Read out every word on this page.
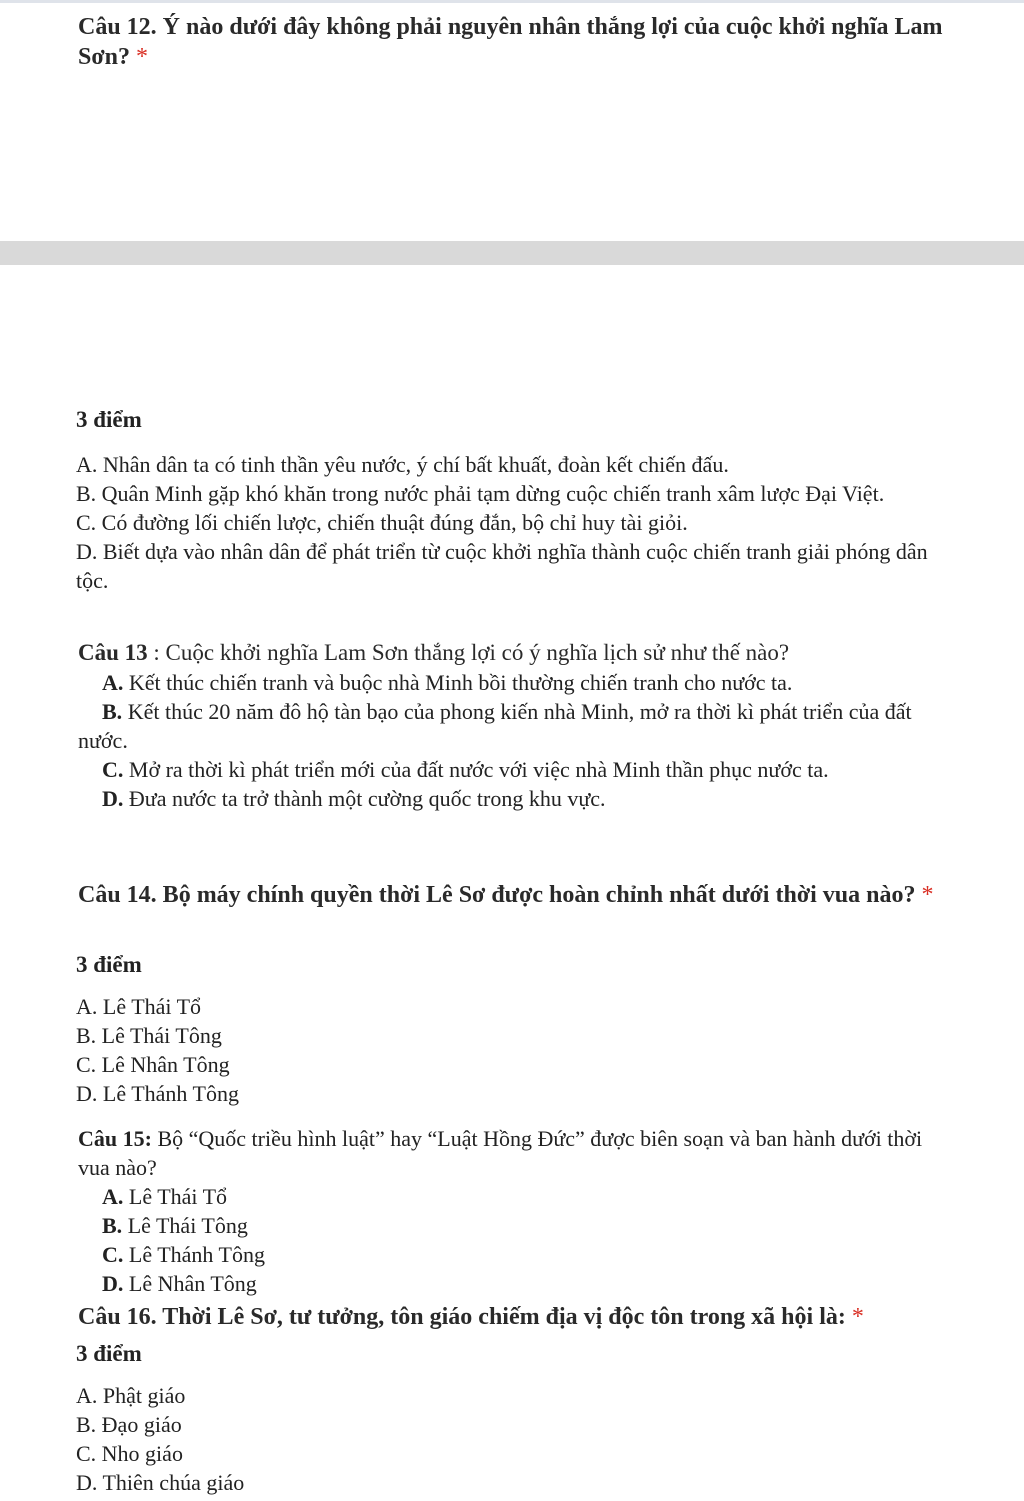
Câu 12. Ý nào dưới đây không phải nguyên nhân thắng lợi của cuộc khởi nghĩa Lam Sơn? *
3 điểm
A. Nhân dân ta có tinh thần yêu nước, ý chí bất khuất, đoàn kết chiến đấu.
B. Quân Minh gặp khó khăn trong nước phải tạm dừng cuộc chiến tranh xâm lược Đại Việt.
C. Có đường lối chiến lược, chiến thuật đúng đắn, bộ chỉ huy tài giỏi.
D. Biết dựa vào nhân dân để phát triển từ cuộc khởi nghĩa thành cuộc chiến tranh giải phóng dân tộc.
Câu 13 : Cuộc khởi nghĩa Lam Sơn thắng lợi có ý nghĩa lịch sử như thế nào?
A. Kết thúc chiến tranh và buộc nhà Minh bồi thường chiến tranh cho nước ta.
B. Kết thúc 20 năm đô hộ tàn bạo của phong kiến nhà Minh, mở ra thời kì phát triển của đất nước.
C. Mở ra thời kì phát triển mới của đất nước với việc nhà Minh thần phục nước ta.
D. Đưa nước ta trở thành một cường quốc trong khu vực.
Câu 14. Bộ máy chính quyền thời Lê Sơ được hoàn chỉnh nhất dưới thời vua nào? *
3 điểm
A. Lê Thái Tổ
B. Lê Thái Tông
C. Lê Nhân Tông
D. Lê Thánh Tông
Câu 15: Bộ “Quốc triều hình luật” hay “Luật Hồng Đức” được biên soạn và ban hành dưới thời vua nào?
A. Lê Thái Tổ
B. Lê Thái Tông
C. Lê Thánh Tông
D. Lê Nhân Tông
Câu 16. Thời Lê Sơ, tư tưởng, tôn giáo chiếm địa vị độc tôn trong xã hội là: *
3 điểm
A. Phật giáo
B. Đạo giáo
C. Nho giáo
D. Thiên chúa giáo
